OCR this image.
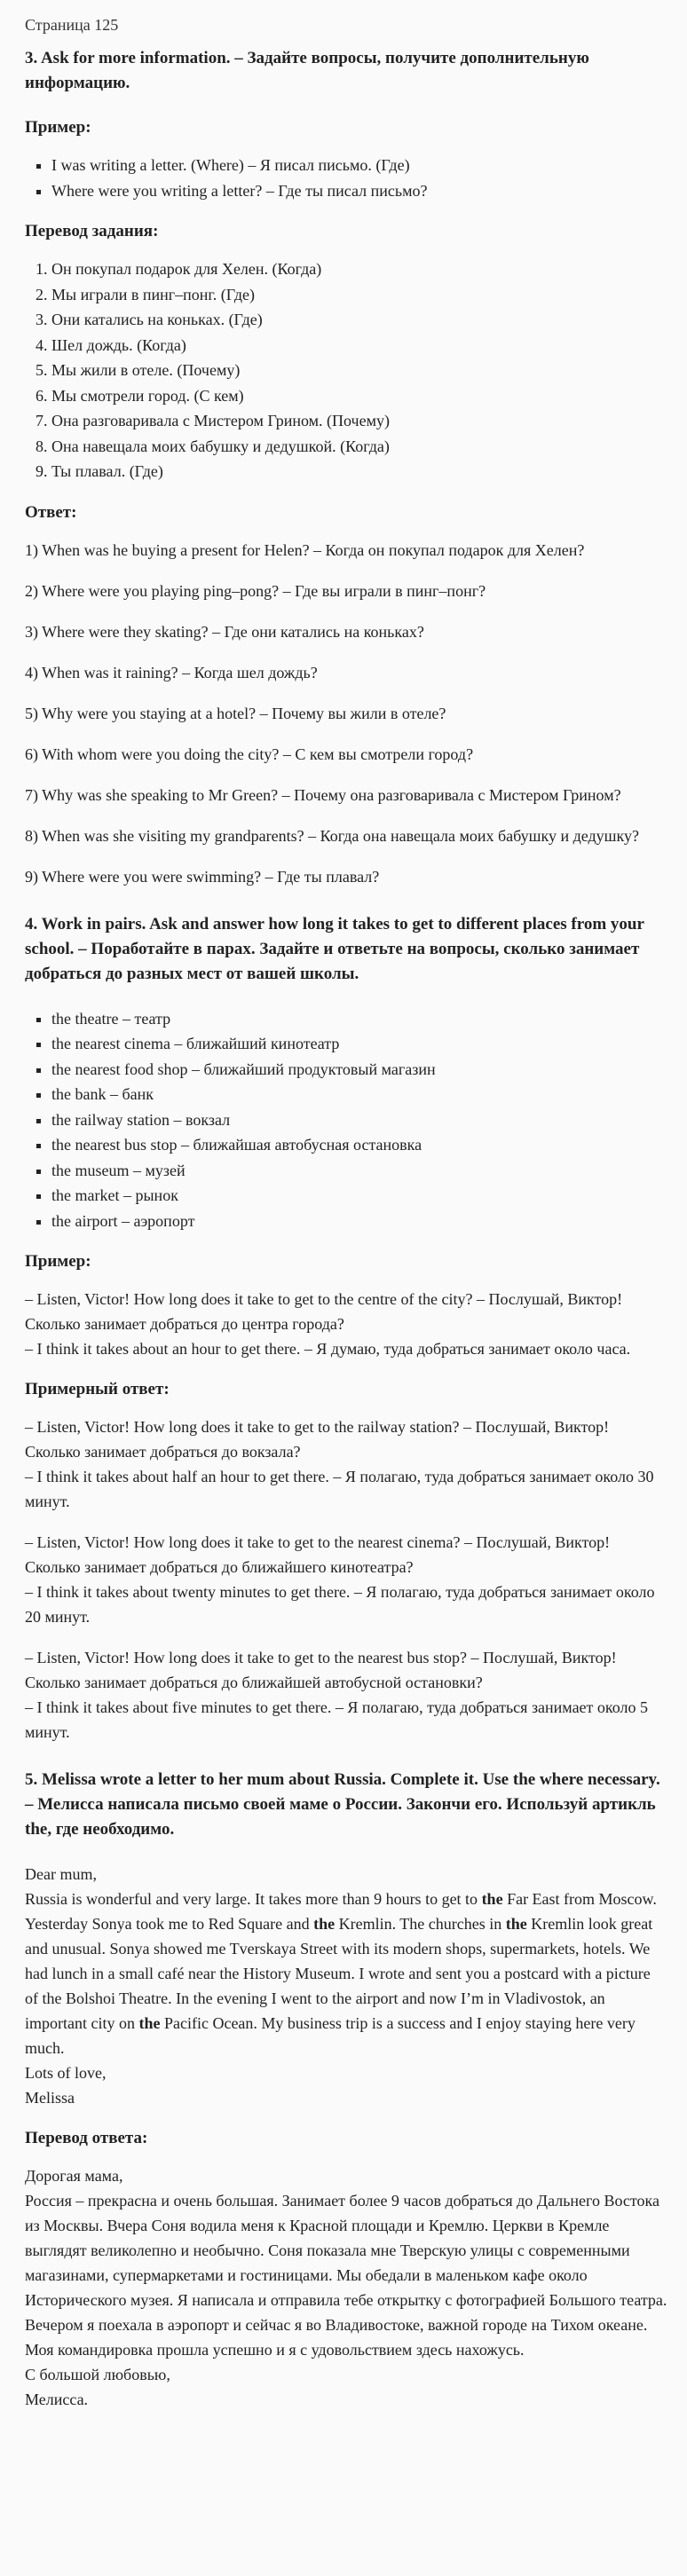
Страница 125
3. Ask for more information. – Задайте вопросы, получите дополнительную информацию.
Пример:
▪ I was writing a letter. (Where) – Я писал письмо. (Где)
▪ Where were you writing a letter? – Где ты писал письмо?
Перевод задания:
1. Он покупал подарок для Хелен. (Когда)
2. Мы играли в пинг–понг. (Где)
3. Они катались на коньках. (Где)
4. Шел дождь. (Когда)
5. Мы жили в отеле. (Почему)
6. Мы смотрели город. (С кем)
7. Она разговаривала с Мистером Грином. (Почему)
8. Она навещала моих бабушку и дедушкой. (Когда)
9. Ты плавал. (Где)
Ответ:

1) When was he buying a present for Helen? – Когда он покупал подарок для Хелен?

2) Where were you playing ping–pong? – Где вы играли в пинг–понг?

3) Where were they skating? – Где они катались на коньках?

4) When was it raining? – Когда шел дождь?

5) Why were you staying at a hotel? – Почему вы жили в отеле?

6) With whom were you doing the city? – С кем вы смотрели город?

7) Why was she speaking to Mr Green? – Почему она разговаривала с Мистером Грином?

8) When was she visiting my grandparents? – Когда она навещала моих бабушку и дедушку?

9) Where were you were swimming? – Где ты плавал?

4. Work in pairs. Ask and answer how long it takes to get to different places from your school. – Поработайте в парах. Задайте и ответьте на вопросы, сколько занимает добраться до разных мест от вашей школы.
▪ the theatre – театр
▪ the nearest cinema – ближайший кинотеатр
▪ the nearest food shop – ближайший продуктовый магазин
▪ the bank – банк
▪ the railway station – вокзал
▪ the nearest bus stop – ближайшая автобусная остановка
▪ the museum – музей
▪ the market – рынок
▪ the airport – аэропорт
Пример:
– Listen, Victor! How long does it take to get to the centre of the city? – Послушай, Виктор! Сколько занимает добраться до центра города?
– I think it takes about an hour to get there. – Я думаю, туда добраться занимает около часа.
Примерный ответ:
– Listen, Victor! How long does it take to get to the railway station? – Послушай, Виктор! Сколько занимает добраться до вокзала?
– I think it takes about half an hour to get there. – Я полагаю, туда добраться занимает около 30 минут.
– Listen, Victor! How long does it take to get to the nearest cinema? – Послушай, Виктор! Сколько занимает добраться до ближайшего кинотеатра?
– I think it takes about twenty minutes to get there. – Я полагаю, туда добраться занимает около 20 минут.
– Listen, Victor! How long does it take to get to the nearest bus stop? – Послушай, Виктор! Сколько занимает добраться до ближайшей автобусной остановки?
– I think it takes about five minutes to get there. – Я полагаю, туда добраться занимает около 5 минут.
5. Melissa wrote a letter to her mum about Russia. Complete it. Use the where necessary. – Мелисса написала письмо своей маме о России. Закончи его. Используй артикль the, где необходимо.
Dear mum,
Russia is wonderful and very large. It takes more than 9 hours to get to the Far East from Moscow. Yesterday Sonya took me to Red Square and the Kremlin. The churches in the Kremlin look great and unusual. Sonya showed me Tverskaya Street with its modern shops, supermarkets, hotels. We had lunch in a small café near the History Museum. I wrote and sent you a postcard with a picture of the Bolshoi Theatre. In the evening I went to the airport and now I’m in Vladivostok, an important city on the Pacific Ocean. My business trip is a success and I enjoy staying here very much.
Lots of love,
Melissa
Перевод ответа:
Дорогая мама,
Россия – прекрасна и очень большая. Занимает более 9 часов добраться до Дальнего Востока из Москвы. Вчера Соня водила меня к Красной площади и Кремлю. Церкви в Кремле выглядят великолепно и необычно. Соня показала мне Тверскую улицы с современными магазинами, супермаркетами и гостиницами. Мы обедали в маленьком кафе около Исторического музея. Я написала и отправила тебе открытку с фотографией Большого театра. Вечером я поехала в аэропорт и сейчас я во Владивостоке, важной городе на Тихом океане. Моя командировка прошла успешно и я с удовольствием здесь нахожусь.
С большой любовью,
Мелисса.
